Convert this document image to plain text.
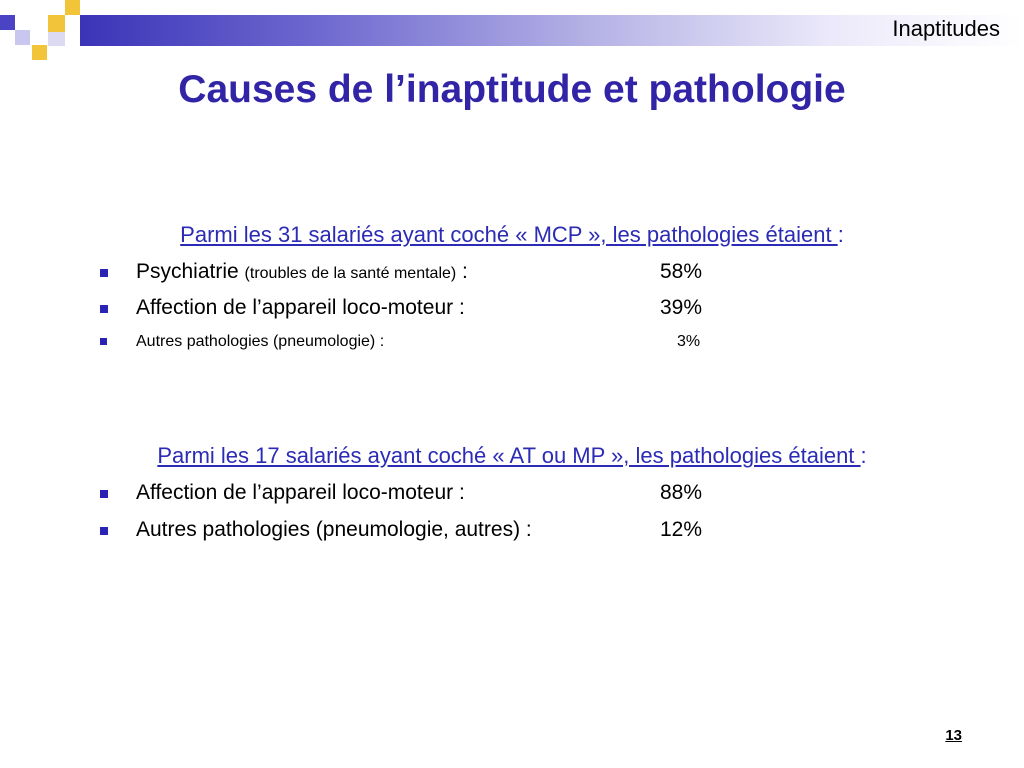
Inaptitudes
Causes de l’inaptitude et pathologie
Parmi les 31 salariés ayant coché « MCP », les pathologies étaient :
Psychiatrie (troubles de la santé mentale) :	58%
Affection de l’appareil loco-moteur :	39%
Autres pathologies (pneumologie) :	3%
Parmi les 17 salariés ayant coché « AT ou MP », les pathologies étaient :
Affection de l’appareil loco-moteur :	88%
Autres pathologies (pneumologie, autres) :	12%
13
